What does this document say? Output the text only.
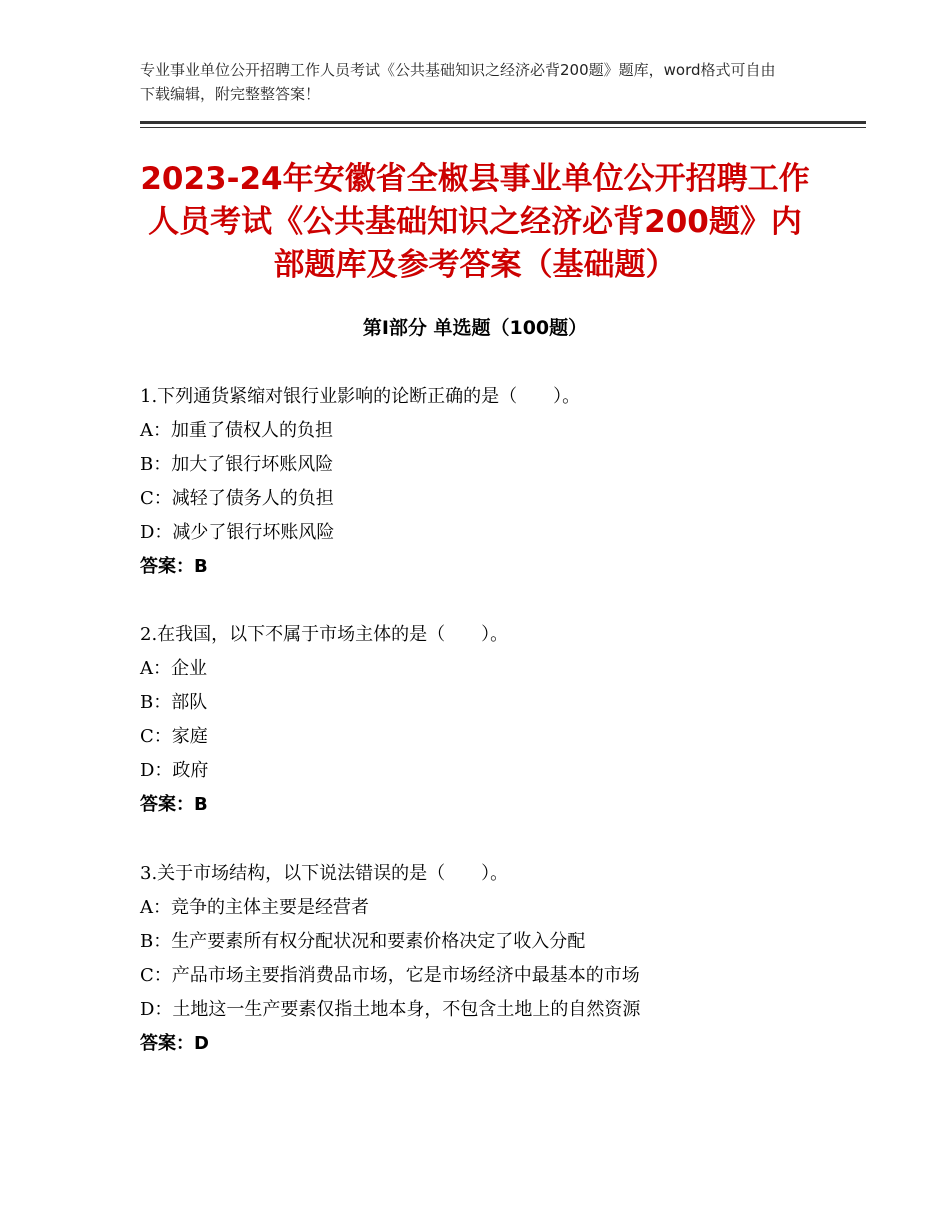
专业事业单位公开招聘工作人员考试《公共基础知识之经济必背200题》题库，word格式可自由下载编辑，附完整整答案！
2023-24年安徽省全椒县事业单位公开招聘工作人员考试《公共基础知识之经济必背200题》内部题库及参考答案（基础题）
第Ⅰ部分 单选题（100题）
1.下列通货紧缩对银行业影响的论断正确的是（　　）。
A：加重了债权人的负担
B：加大了银行坏账风险
C：减轻了债务人的负担
D：减少了银行坏账风险
答案：B
2.在我国，以下不属于市场主体的是（　　）。
A：企业
B：部队
C：家庭
D：政府
答案：B
3.关于市场结构，以下说法错误的是（　　）。
A：竞争的主体主要是经营者
B：生产要素所有权分配状况和要素价格决定了收入分配
C：产品市场主要指消费品市场，它是市场经济中最基本的市场
D：土地这一生产要素仅指土地本身，不包含土地上的自然资源
答案：D
